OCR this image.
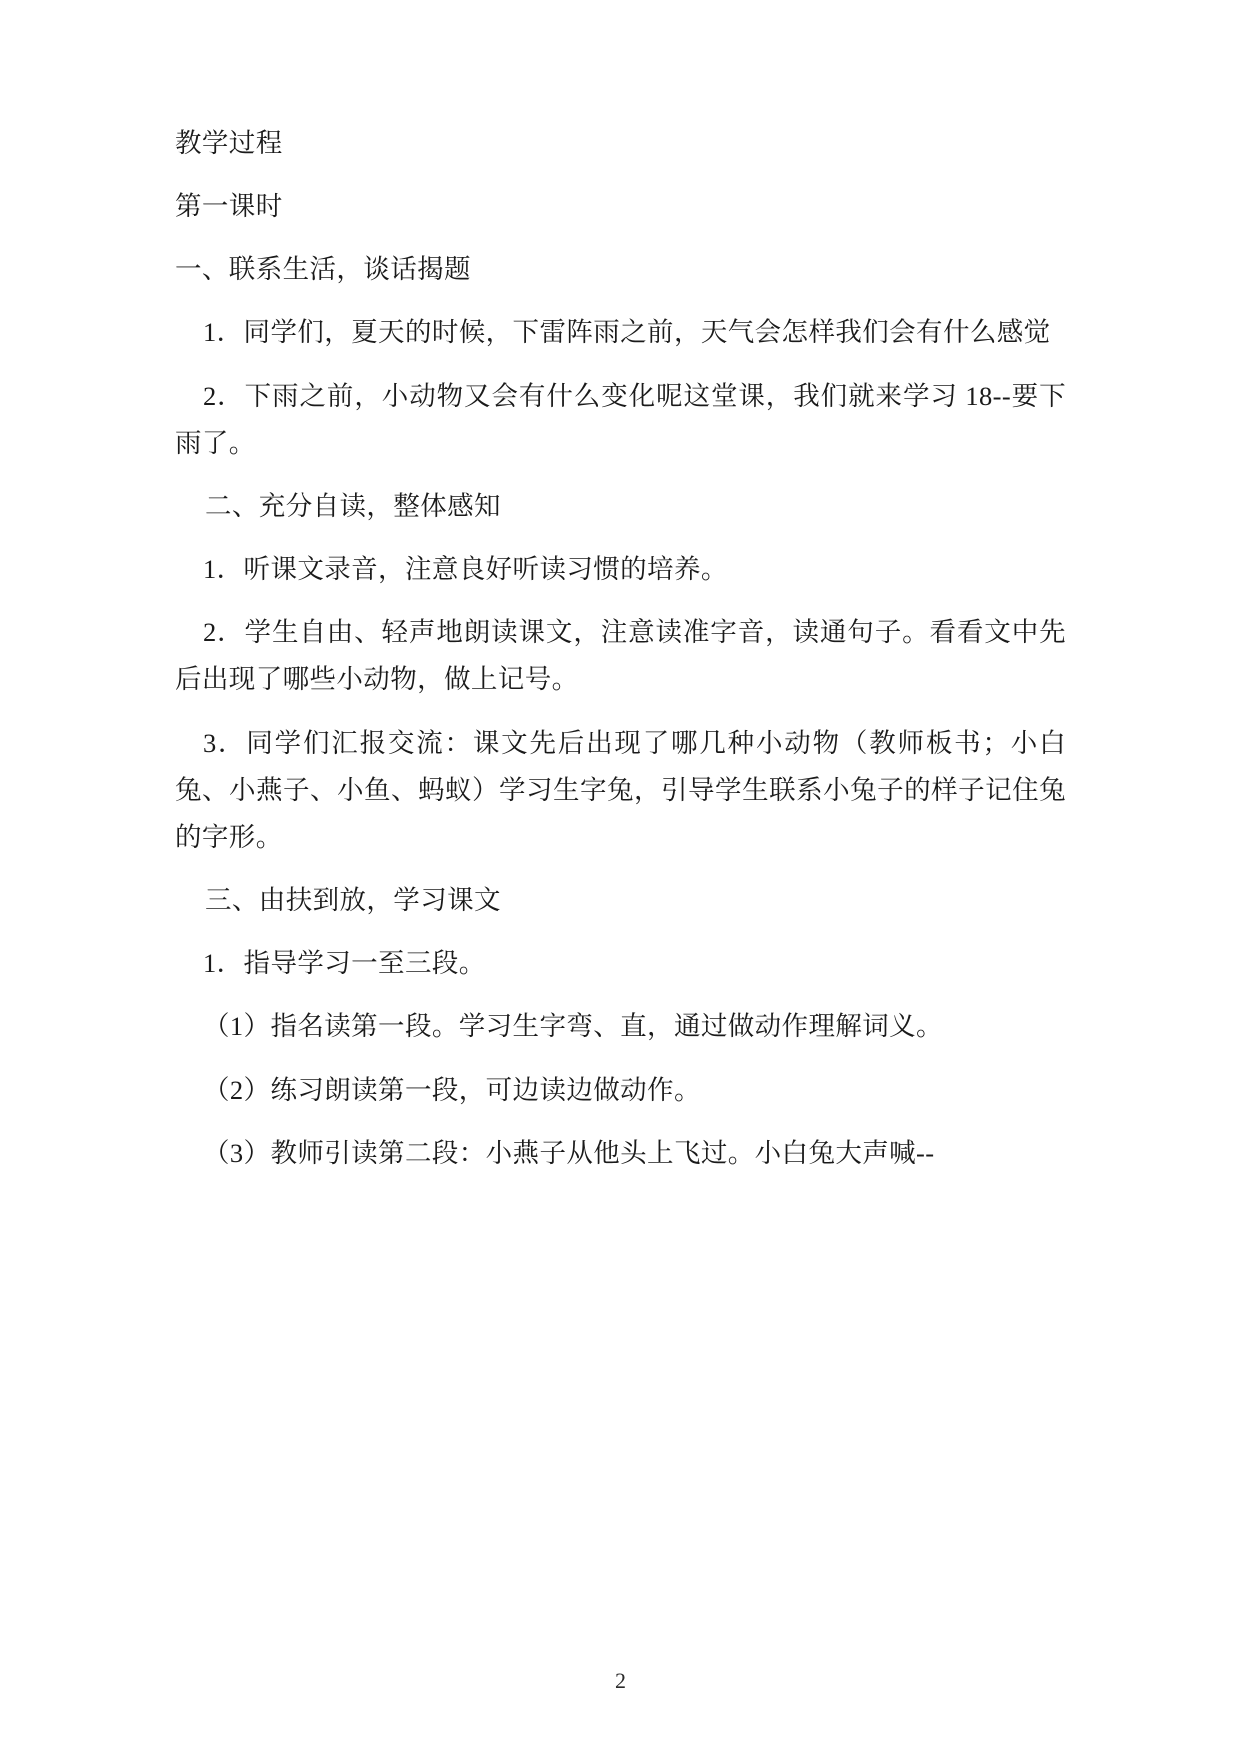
教学过程

第一课时

一、联系生活，谈话揭题

1．同学们，夏天的时候，下雷阵雨之前，天气会怎样我们会有什么感觉

2．下雨之前，小动物又会有什么变化呢这堂课，我们就来学习 18--要下雨了。

二、充分自读，整体感知

1．听课文录音，注意良好听读习惯的培养。

2．学生自由、轻声地朗读课文，注意读准字音，读通句子。看看文中先后出现了哪些小动物，做上记号。

3．同学们汇报交流：课文先后出现了哪几种小动物（教师板书；小白兔、小燕子、小鱼、蚂蚁）学习生字兔，引导学生联系小兔子的样子记住兔的字形。

三、由扶到放，学习课文

1．指导学习一至三段。

（1）指名读第一段。学习生字弯、直，通过做动作理解词义。

（2）练习朗读第一段，可边读边做动作。

（3）教师引读第二段：小燕子从他头上飞过。小白兔大声喊--

2
